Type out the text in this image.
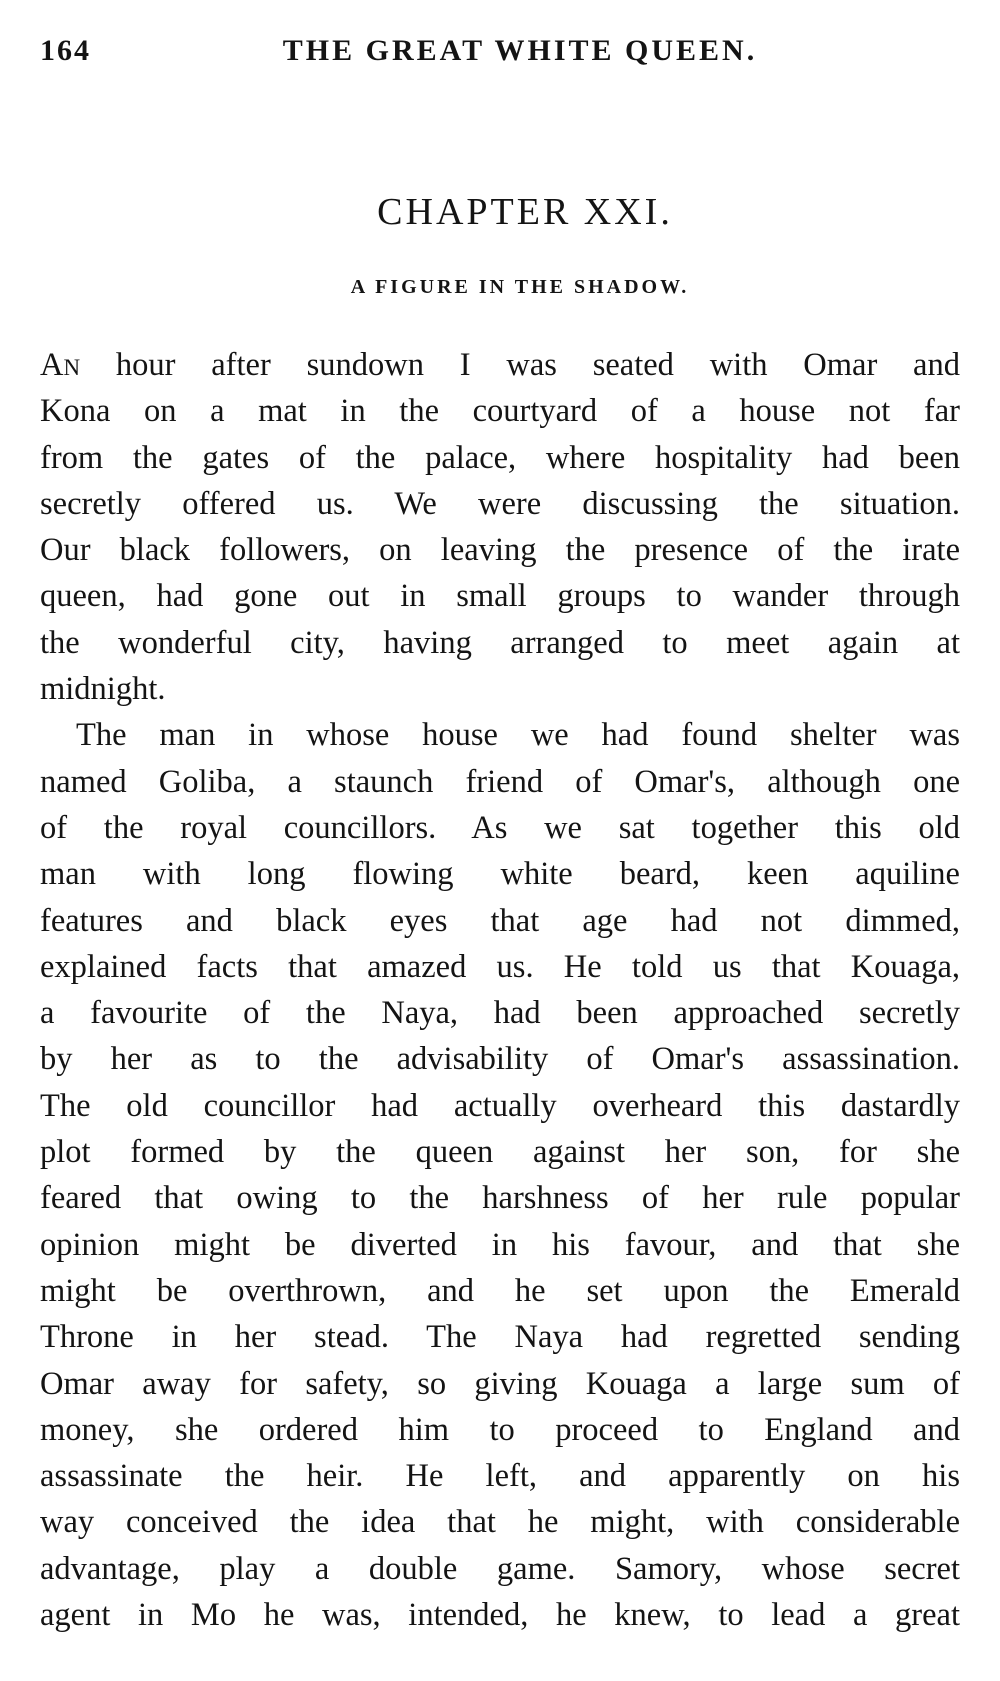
164	THE GREAT WHITE QUEEN.
CHAPTER XXI.
A FIGURE IN THE SHADOW.
An hour after sundown I was seated with Omar and
Kona on a mat in the courtyard of a house not far
from the gates of the palace, where hospitality had been
secretly offered us. We were discussing the situation.
Our black followers, on leaving the presence of the irate
queen, had gone out in small groups to wander through
the wonderful city, having arranged to meet again at
midnight.
The man in whose house we had found shelter was
named Goliba, a staunch friend of Omar's, although one
of the royal councillors. As we sat together this old
man with long flowing white beard, keen aquiline
features and black eyes that age had not dimmed,
explained facts that amazed us. He told us that Kouaga,
a favourite of the Naya, had been approached secretly
by her as to the advisability of Omar's assassination.
The old councillor had actually overheard this dastardly
plot formed by the queen against her son, for she
feared that owing to the harshness of her rule popular
opinion might be diverted in his favour, and that she
might be overthrown, and he set upon the Emerald
Throne in her stead. The Naya had regretted sending
Omar away for safety, so giving Kouaga a large sum of
money, she ordered him to proceed to England and
assassinate the heir. He left, and apparently on his
way conceived the idea that he might, with considerable
advantage, play a double game. Samory, whose secret
agent in Mo he was, intended, he knew, to lead a great
